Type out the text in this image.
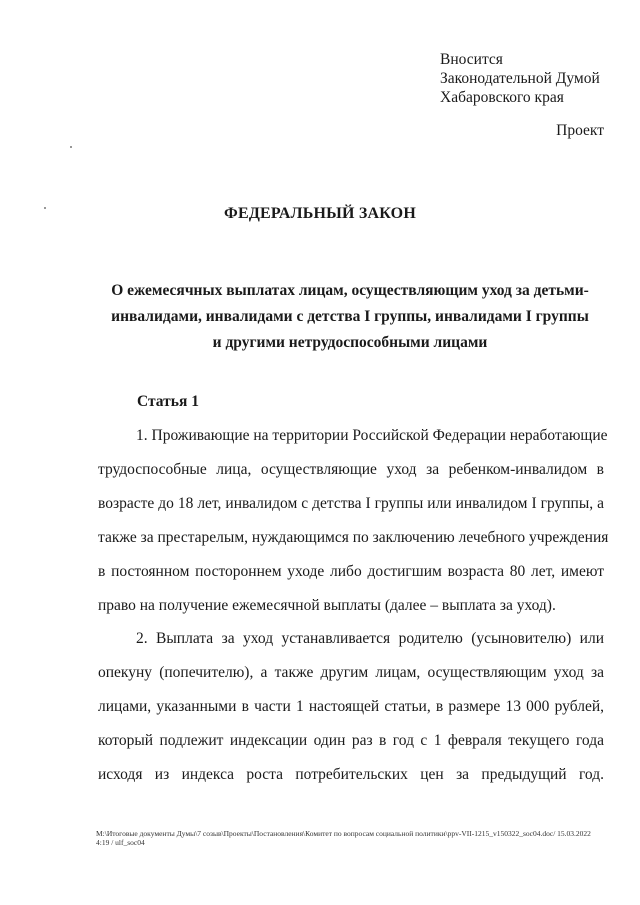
Вносится
Законодательной Думой
Хабаровского края
Проект
ФЕДЕРАЛЬНЫЙ ЗАКОН
О ежемесячных выплатах лицам, осуществляющим уход за детьми-
инвалидами, инвалидами с детства I группы, инвалидами I группы
и другими нетрудоспособными лицами
Статья 1
1. Проживающие на территории Российской Федерации неработающие
трудоспособные лица, осуществляющие уход за ребенком-инвалидом в
возрасте до 18 лет, инвалидом с детства I группы или инвалидом I группы, а
также за престарелым, нуждающимся по заключению лечебного учреждения
в постоянном постороннем уходе либо достигшим возраста 80 лет, имеют
право на получение ежемесячной выплаты (далее – выплата за уход).
2. Выплата за уход устанавливается родителю (усыновителю) или
опекуну (попечителю), а также другим лицам, осуществляющим уход за
лицами, указанными в части 1 настоящей статьи, в размере 13 000 рублей,
который подлежит индексации один раз в год с 1 февраля текущего года
исходя из индекса роста потребительских цен за предыдущий год.
М:\Итоговые документы Думы\7 созыв\Проекты\Постановления\Комитет по вопросам социальной политики\ppv-VII-1215_v150322_soc04.doc/ 15.03.2022
4:19 / ulf_soc04
